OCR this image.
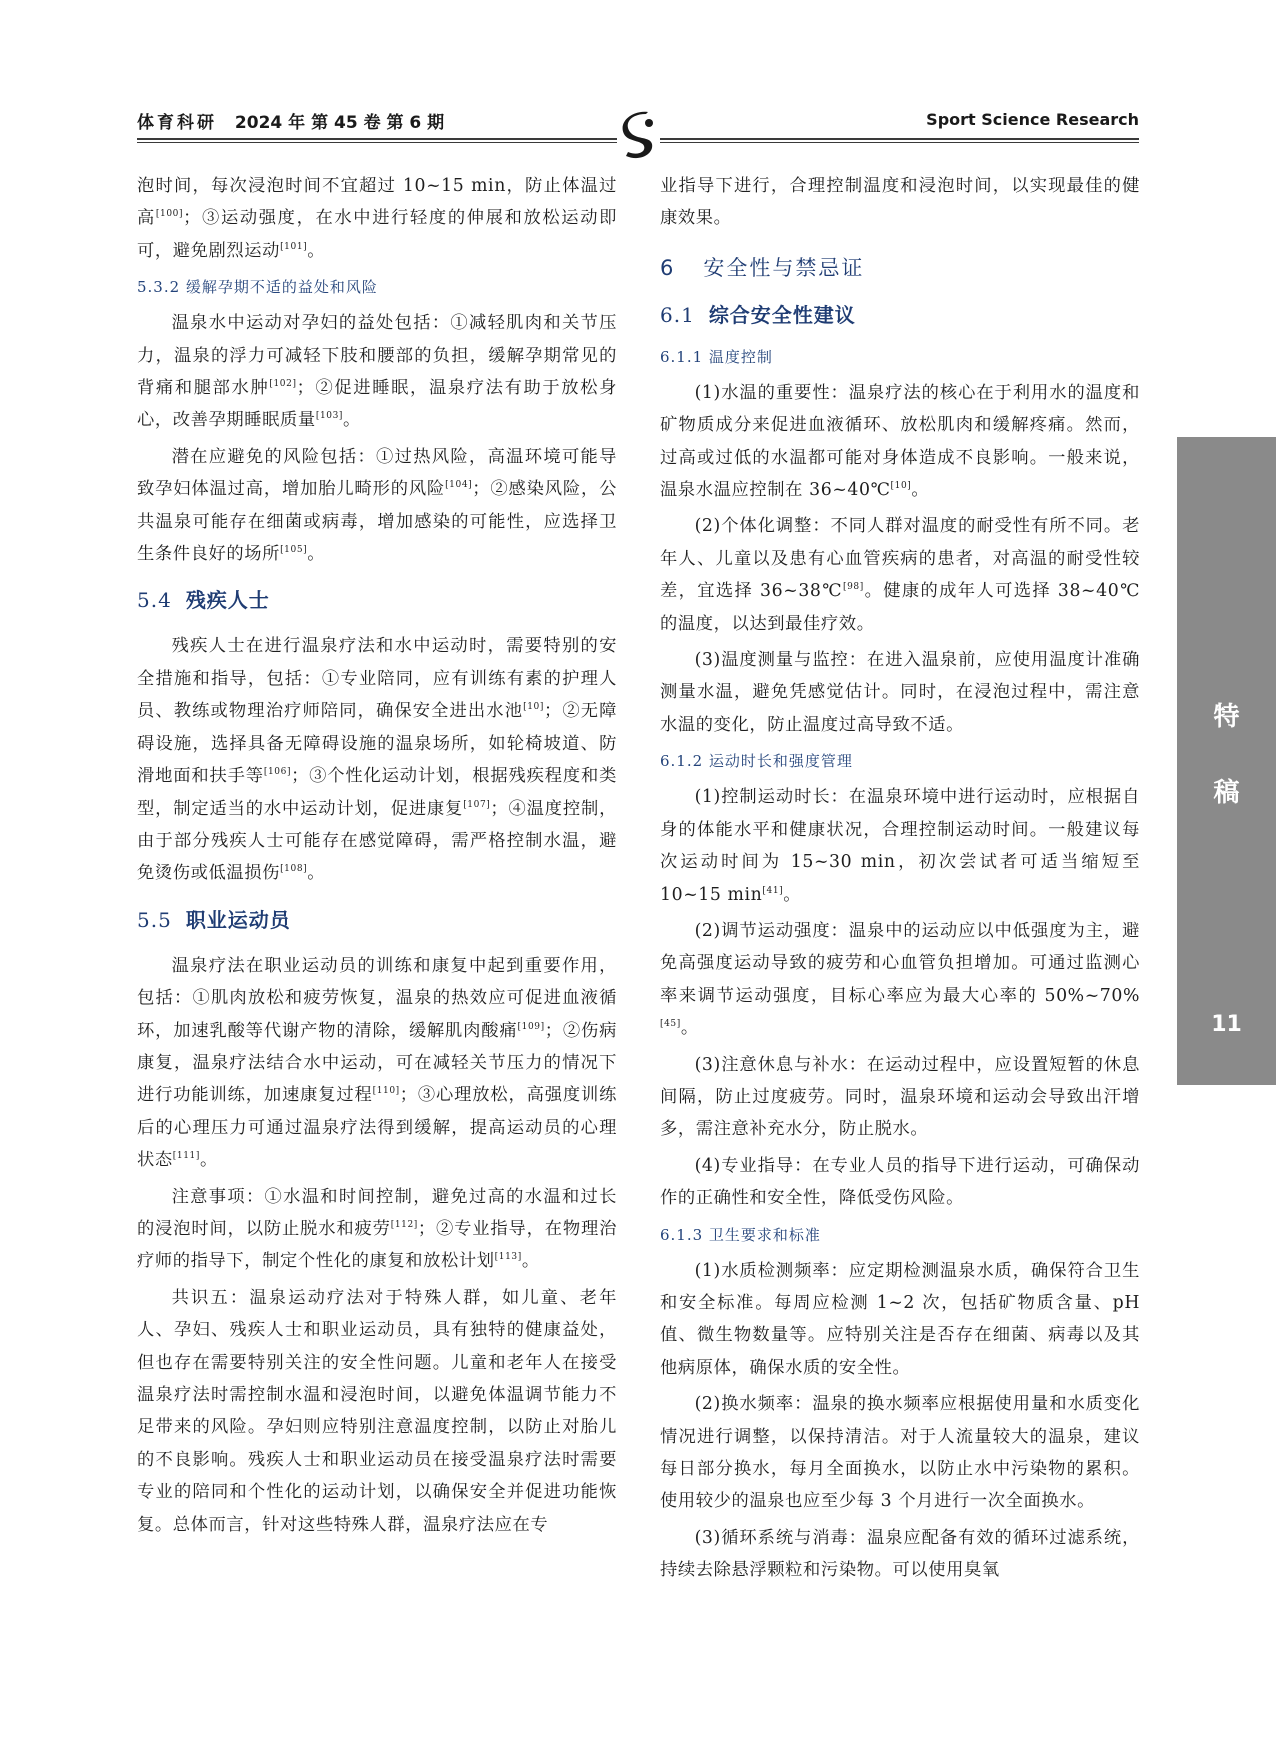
体育科研 2024 年 第 45 卷 第 6 期	Sport Science Research

泡时间，每次浸泡时间不宜超过 10~15 min，防止体温过高[100]；③运动强度，在水中进行轻度的伸展和放松运动即可，避免剧烈运动[101]。

5.3.2 缓解孕期不适的益处和风险

温泉水中运动对孕妇的益处包括：①减轻肌肉和关节压力，温泉的浮力可减轻下肢和腰部的负担，缓解孕期常见的背痛和腿部水肿[102]；②促进睡眠，温泉疗法有助于放松身心，改善孕期睡眠质量[103]。

潜在应避免的风险包括：①过热风险，高温环境可能导致孕妇体温过高，增加胎儿畸形的风险[104]；②感染风险，公共温泉可能存在细菌或病毒，增加感染的可能性，应选择卫生条件良好的场所[105]。

5.4 残疾人士

残疾人士在进行温泉疗法和水中运动时，需要特别的安全措施和指导，包括：①专业陪同，应有训练有素的护理人员、教练或物理治疗师陪同，确保安全进出水池[10]；②无障碍设施，选择具备无障碍设施的温泉场所，如轮椅坡道、防滑地面和扶手等[106]；③个性化运动计划，根据残疾程度和类型，制定适当的水中运动计划，促进康复[107]；④温度控制，由于部分残疾人士可能存在感觉障碍，需严格控制水温，避免烫伤或低温损伤[108]。

5.5 职业运动员

温泉疗法在职业运动员的训练和康复中起到重要作用，包括：①肌肉放松和疲劳恢复，温泉的热效应可促进血液循环，加速乳酸等代谢产物的清除，缓解肌肉酸痛[109]；②伤病康复，温泉疗法结合水中运动，可在减轻关节压力的情况下进行功能训练，加速康复过程[110]；③心理放松，高强度训练后的心理压力可通过温泉疗法得到缓解，提高运动员的心理状态[111]。

注意事项：①水温和时间控制，避免过高的水温和过长的浸泡时间，以防止脱水和疲劳[112]；②专业指导，在物理治疗师的指导下，制定个性化的康复和放松计划[113]。

共识五：温泉运动疗法对于特殊人群，如儿童、老年人、孕妇、残疾人士和职业运动员，具有独特的健康益处，但也存在需要特别关注的安全性问题。儿童和老年人在接受温泉疗法时需控制水温和浸泡时间，以避免体温调节能力不足带来的风险。孕妇则应特别注意温度控制，以防止对胎儿的不良影响。残疾人士和职业运动员在接受温泉疗法时需要专业的陪同和个性化的运动计划，以确保安全并促进功能恢复。总体而言，针对这些特殊人群，温泉疗法应在专

业指导下进行，合理控制温度和浸泡时间，以实现最佳的健康效果。

6 安全性与禁忌证
6.1 综合安全性建议
6.1.1 温度控制

(1)水温的重要性：温泉疗法的核心在于利用水的温度和矿物质成分来促进血液循环、放松肌肉和缓解疼痛。然而，过高或过低的水温都可能对身体造成不良影响。一般来说，温泉水温应控制在 36~40℃[10]。

(2)个体化调整：不同人群对温度的耐受性有所不同。老年人、儿童以及患有心血管疾病的患者，对高温的耐受性较差，宜选择 36~38℃[98]。健康的成年人可选择 38~40℃的温度，以达到最佳疗效。

(3)温度测量与监控：在进入温泉前，应使用温度计准确测量水温，避免凭感觉估计。同时，在浸泡过程中，需注意水温的变化，防止温度过高导致不适。

6.1.2 运动时长和强度管理

(1)控制运动时长：在温泉环境中进行运动时，应根据自身的体能水平和健康状况，合理控制运动时间。一般建议每次运动时间为 15~30 min，初次尝试者可适当缩短至 10~15 min[41]。

(2)调节运动强度：温泉中的运动应以中低强度为主，避免高强度运动导致的疲劳和心血管负担增加。可通过监测心率来调节运动强度，目标心率应为最大心率的 50%~70%[45]。

(3)注意休息与补水：在运动过程中，应设置短暂的休息间隔，防止过度疲劳。同时，温泉环境和运动会导致出汗增多，需注意补充水分，防止脱水。

(4)专业指导：在专业人员的指导下进行运动，可确保动作的正确性和安全性，降低受伤风险。

6.1.3 卫生要求和标准

(1)水质检测频率：应定期检测温泉水质，确保符合卫生和安全标准。每周应检测 1~2 次，包括矿物质含量、pH 值、微生物数量等。应特别关注是否存在细菌、病毒以及其他病原体，确保水质的安全性。

(2)换水频率：温泉的换水频率应根据使用量和水质变化情况进行调整，以保持清洁。对于人流量较大的温泉，建议每日部分换水，每月全面换水，以防止水中污染物的累积。使用较少的温泉也应至少每 3 个月进行一次全面换水。

(3)循环系统与消毒：温泉应配备有效的循环过滤系统，持续去除悬浮颗粒和污染物。可以使用臭氧

特
稿
11
